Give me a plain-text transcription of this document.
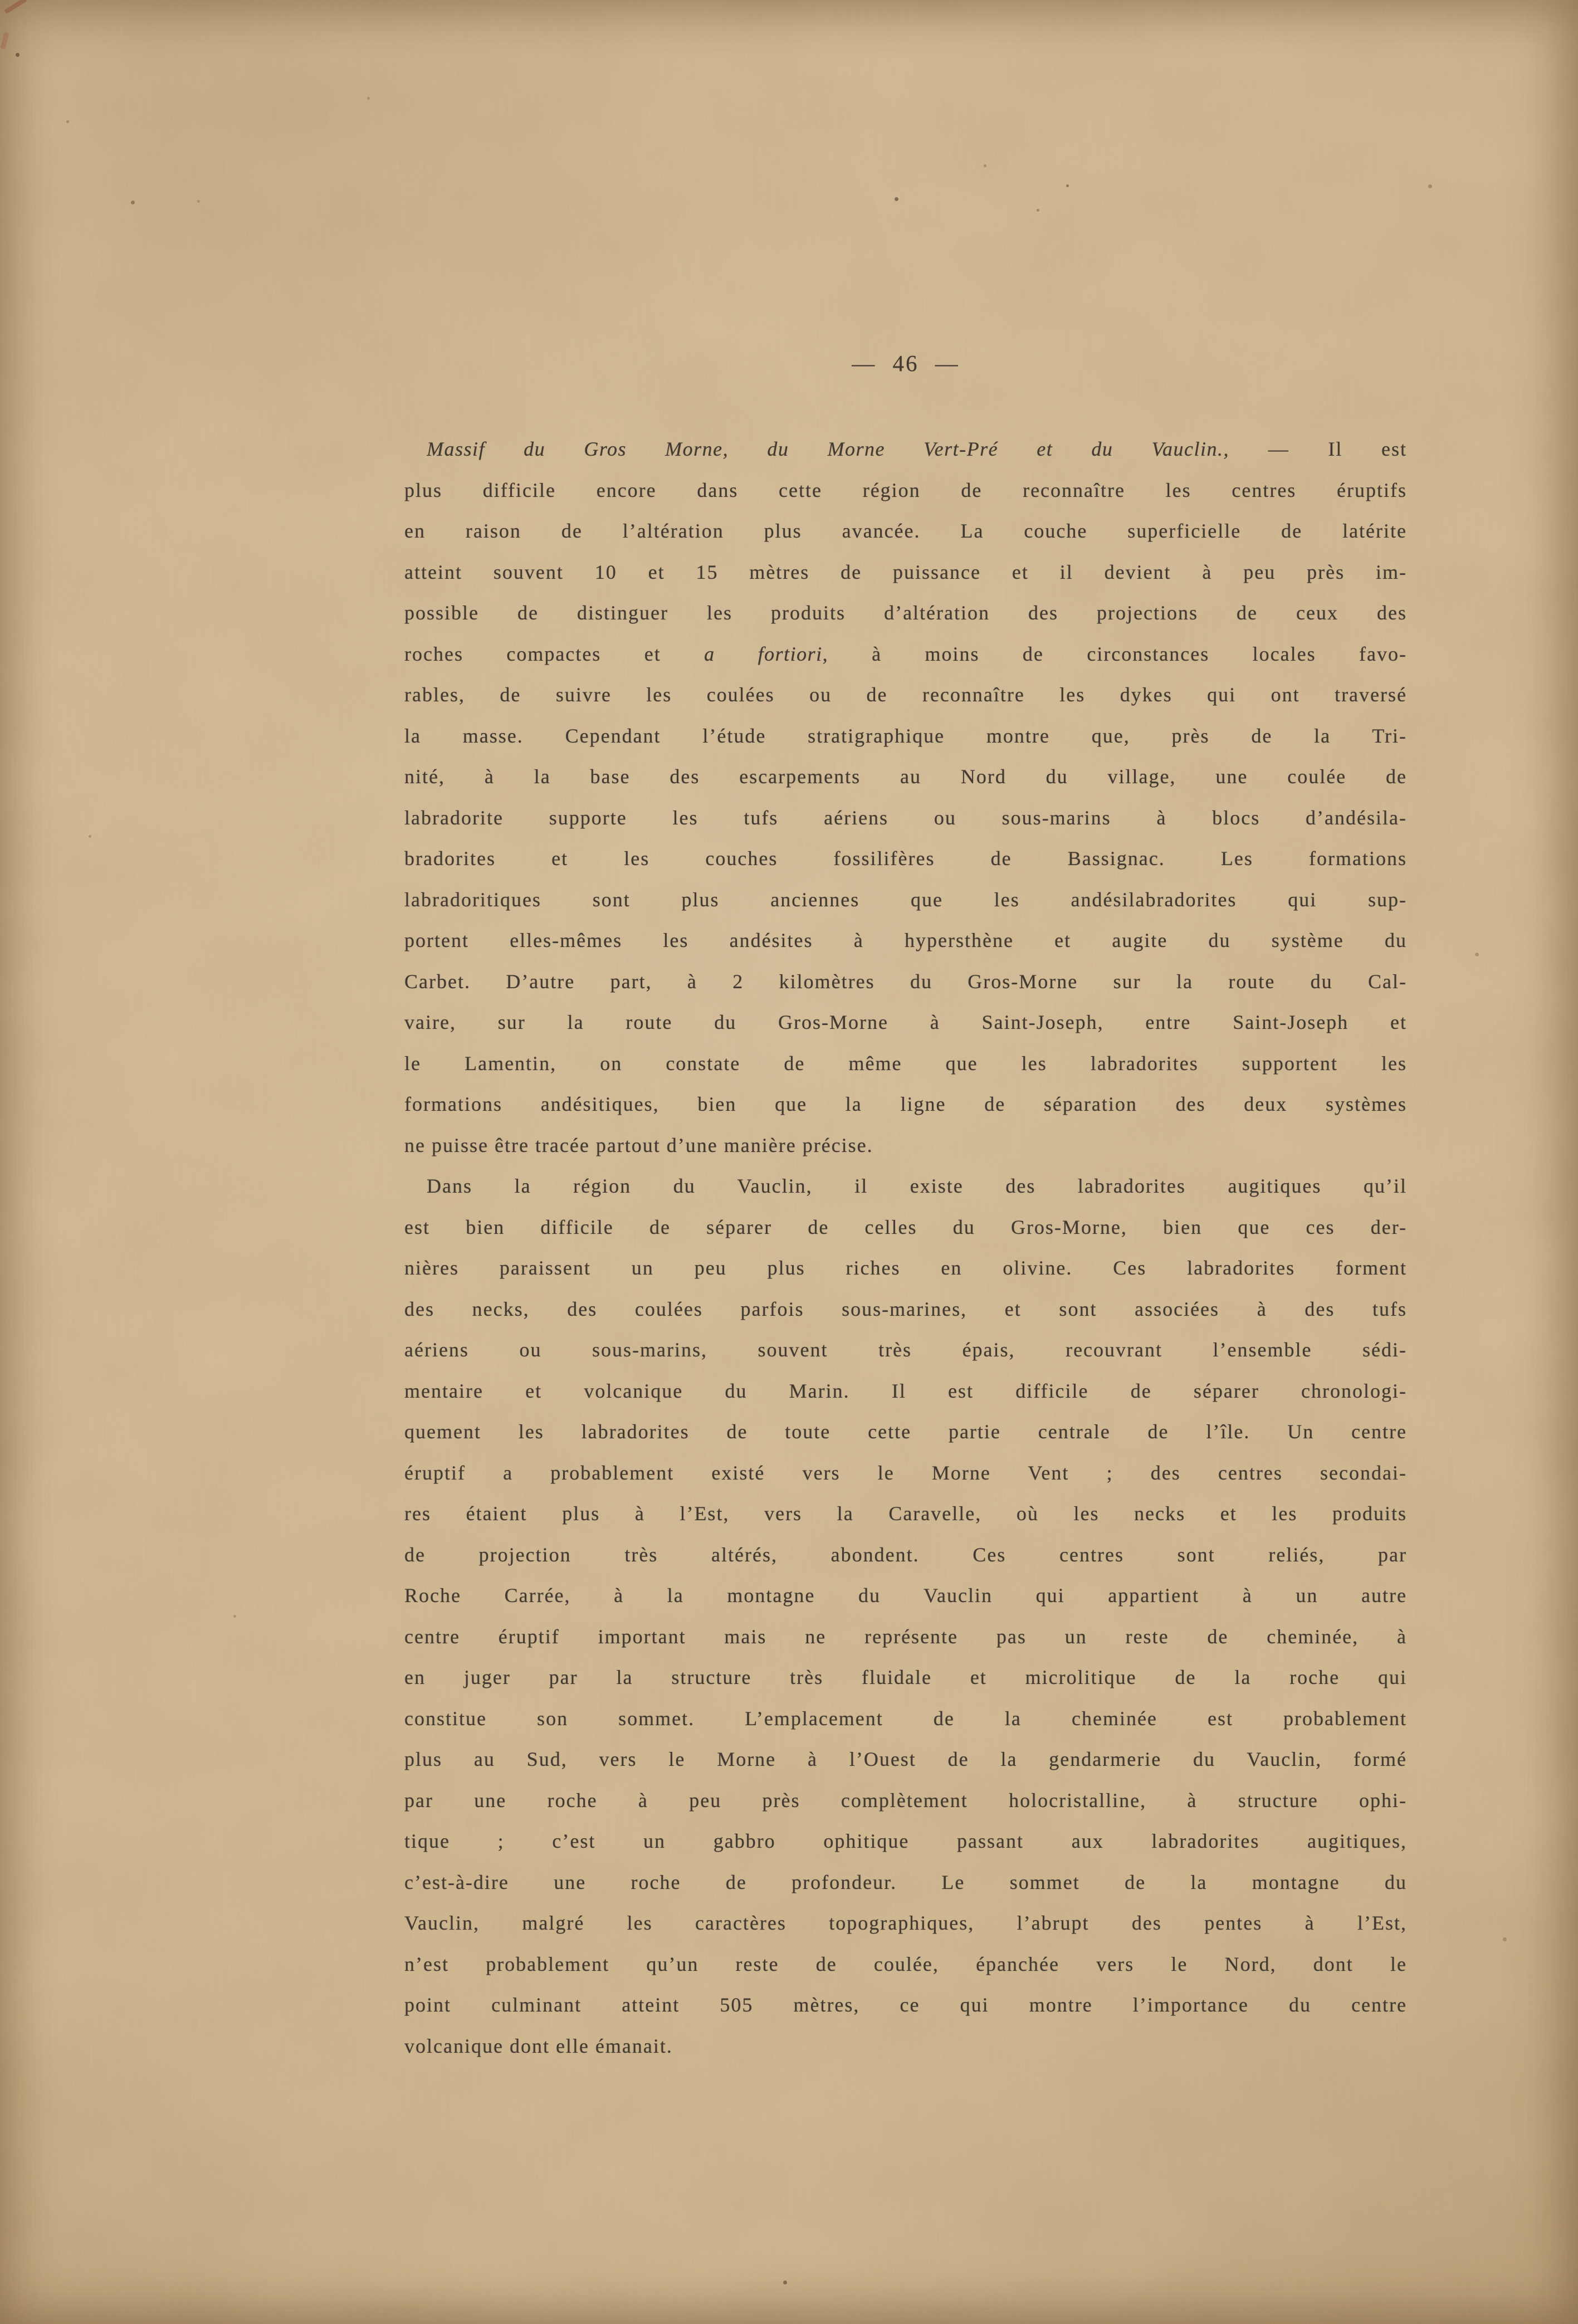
— 46 —
Massif du Gros Morne, du Morne Vert-Pré et du Vauclin., — Il est
plus difficile encore dans cette région de reconnaître les centres éruptifs
en raison de l’altération plus avancée. La couche superficielle de latérite
atteint souvent 10 et 15 mètres de puissance et il devient à peu près im-
possible de distinguer les produits d’altération des projections de ceux des
roches compactes et a fortiori, à moins de circonstances locales favo-
rables, de suivre les coulées ou de reconnaître les dykes qui ont traversé
la masse. Cependant l’étude stratigraphique montre que, près de la Tri-
nité, à la base des escarpements au Nord du village, une coulée de
labradorite supporte les tufs aériens ou sous-marins à blocs d’andésila-
bradorites et les couches fossilifères de Bassignac. Les formations
labradoritiques sont plus anciennes que les andésilabradorites qui sup-
portent elles-mêmes les andésites à hypersthène et augite du système du
Carbet. D’autre part, à 2 kilomètres du Gros-Morne sur la route du Cal-
vaire, sur la route du Gros-Morne à Saint-Joseph, entre Saint-Joseph et
le Lamentin, on constate de même que les labradorites supportent les
formations andésitiques, bien que la ligne de séparation des deux systèmes
ne puisse être tracée partout d’une manière précise.
Dans la région du Vauclin, il existe des labradorites augitiques qu’il
est bien difficile de séparer de celles du Gros-Morne, bien que ces der-
nières paraissent un peu plus riches en olivine. Ces labradorites forment
des necks, des coulées parfois sous-marines, et sont associées à des tufs
aériens ou sous-marins, souvent très épais, recouvrant l’ensemble sédi-
mentaire et volcanique du Marin. Il est difficile de séparer chronologi-
quement les labradorites de toute cette partie centrale de l’île. Un centre
éruptif a probablement existé vers le Morne Vent ; des centres secondai-
res étaient plus à l’Est, vers la Caravelle, où les necks et les produits
de projection très altérés, abondent. Ces centres sont reliés, par
Roche Carrée, à la montagne du Vauclin qui appartient à un autre
centre éruptif important mais ne représente pas un reste de cheminée, à
en juger par la structure très fluidale et microlitique de la roche qui
constitue son sommet. L’emplacement de la cheminée est probablement
plus au Sud, vers le Morne à l’Ouest de la gendarmerie du Vauclin, formé
par une roche à peu près complètement holocristalline, à structure ophi-
tique ; c’est un gabbro ophitique passant aux labradorites augitiques,
c’est-à-dire une roche de profondeur. Le sommet de la montagne du
Vauclin, malgré les caractères topographiques, l’abrupt des pentes à l’Est,
n’est probablement qu’un reste de coulée, épanchée vers le Nord, dont le
point culminant atteint 505 mètres, ce qui montre l’importance du centre
volcanique dont elle émanait.
